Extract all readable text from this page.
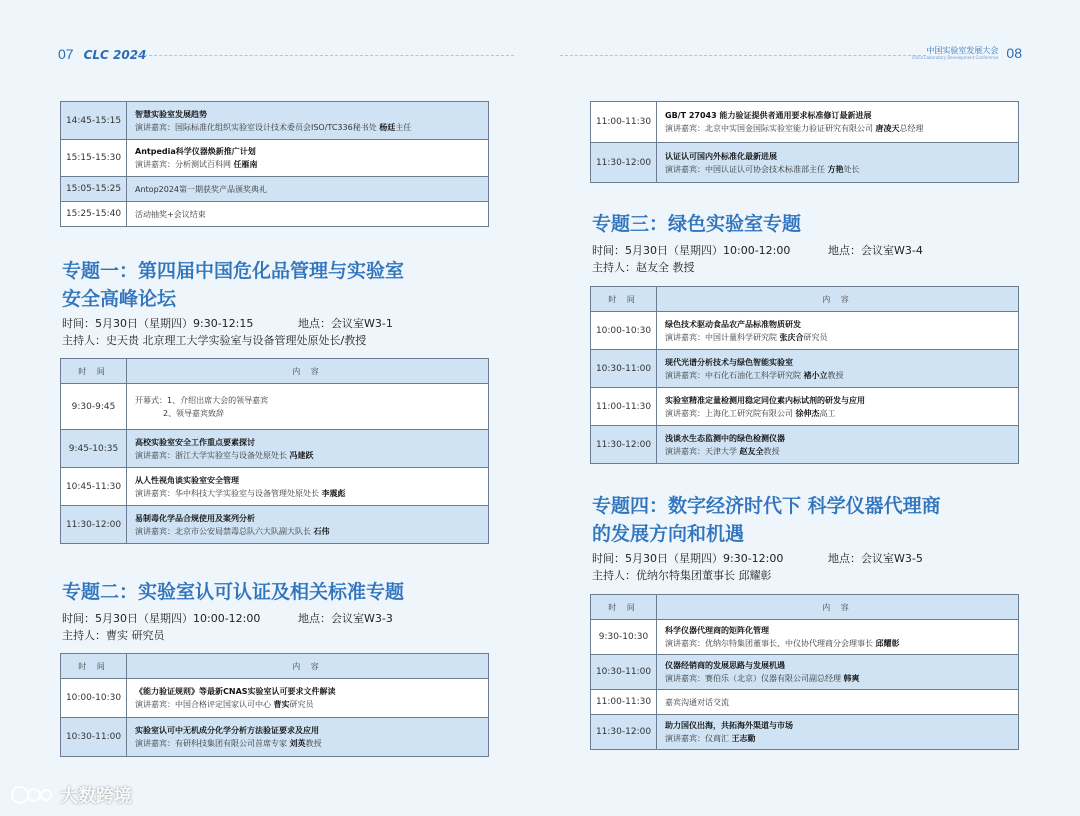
07 CLC 2024	中国实验室发展大会
China Laboratory Development Conference 08
14:45-15:15
智慧实验室发展趋势
演讲嘉宾：国际标准化组织实验室设计技术委员会ISO/TC336秘书处 杨廷主任
15:15-15:30
Antpedia科学仪器焕新推广计划
演讲嘉宾：分析测试百科网 任雁南
15:05-15:25	Antop2024第一期获奖产品颁奖典礼
15:25-15:40	活动抽奖+会议结束
专题一：第四届中国危化品管理与实验室
安全高峰论坛
时间：5月30日（星期四）9:30-12:15	地点：会议室W3-1
主持人：史天贵 北京理工大学实验室与设备管理处原处长/教授
时 间	内 容
9:30-9:45
开幕式：1、介绍出席大会的领导嘉宾
2、领导嘉宾致辞
9:45-10:35
高校实验室安全工作重点要素探讨
演讲嘉宾：浙江大学实验室与设备处原处长 冯建跃
10:45-11:30
从人性视角谈实验室安全管理
演讲嘉宾：华中科技大学实验室与设备管理处原处长 李震彪
11:30-12:00
易制毒化学品合规使用及案列分析
演讲嘉宾：北京市公安局禁毒总队六大队副大队长 石伟
专题二：实验室认可认证及相关标准专题
时间：5月30日（星期四）10:00-12:00	地点：会议室W3-3
主持人：曹实 研究员
时 间	内 容
10:00-10:30
《能力验证规则》等最新CNAS实验室认可要求文件解读
演讲嘉宾：中国合格评定国家认可中心 曹实研究员
10:30-11:00
实验室认可中无机成分化学分析方法验证要求及应用
演讲嘉宾：有研科技集团有限公司首席专家 刘英教授
11:00-11:30
GB/T 27043 能力验证提供者通用要求标准修订最新进展
演讲嘉宾：北京中实国金国际实验室能力验证研究有限公司 唐凌天总经理
11:30-12:00
认证认可国内外标准化最新进展
演讲嘉宾：中国认证认可协会技术标准部主任 方艳处长
专题三：绿色实验室专题
时间：5月30日（星期四）10:00-12:00	地点：会议室W3-4
主持人：赵友全 教授
时 间	内 容
10:00-10:30
绿色技术驱动食品农产品标准物质研发
演讲嘉宾：中国计量科学研究院 张庆合研究员
10:30-11:00
现代光谱分析技术与绿色智能实验室
演讲嘉宾：中石化石油化工科学研究院 褚小立教授
11:00-11:30
实验室精准定量检测用稳定同位素内标试剂的研发与应用
演讲嘉宾：上海化工研究院有限公司 徐伸杰高工
11:30-12:00
浅谈水生态监测中的绿色检测仪器
演讲嘉宾：天津大学 赵友全教授
专题四：数字经济时代下 科学仪器代理商
的发展方向和机遇
时间：5月30日（星期四）9:30-12:00	地点：会议室W3-5
主持人：优纳尔特集团董事长 邱耀彰
时 间	内 容
9:30-10:30
科学仪器代理商的矩阵化管理
演讲嘉宾：优纳尔特集团董事长、中仪协代理商分会理事长 邱耀彰
10:30-11:00
仪器经销商的发展思路与发展机遇
演讲嘉宾：赛伯乐（北京）仪器有限公司副总经理 韩爽
11:00-11:30	嘉宾沟通对话交流
11:30-12:00
助力国仪出海，共拓海外渠道与市场
演讲嘉宾：仪商汇 王志勤
大数跨境
